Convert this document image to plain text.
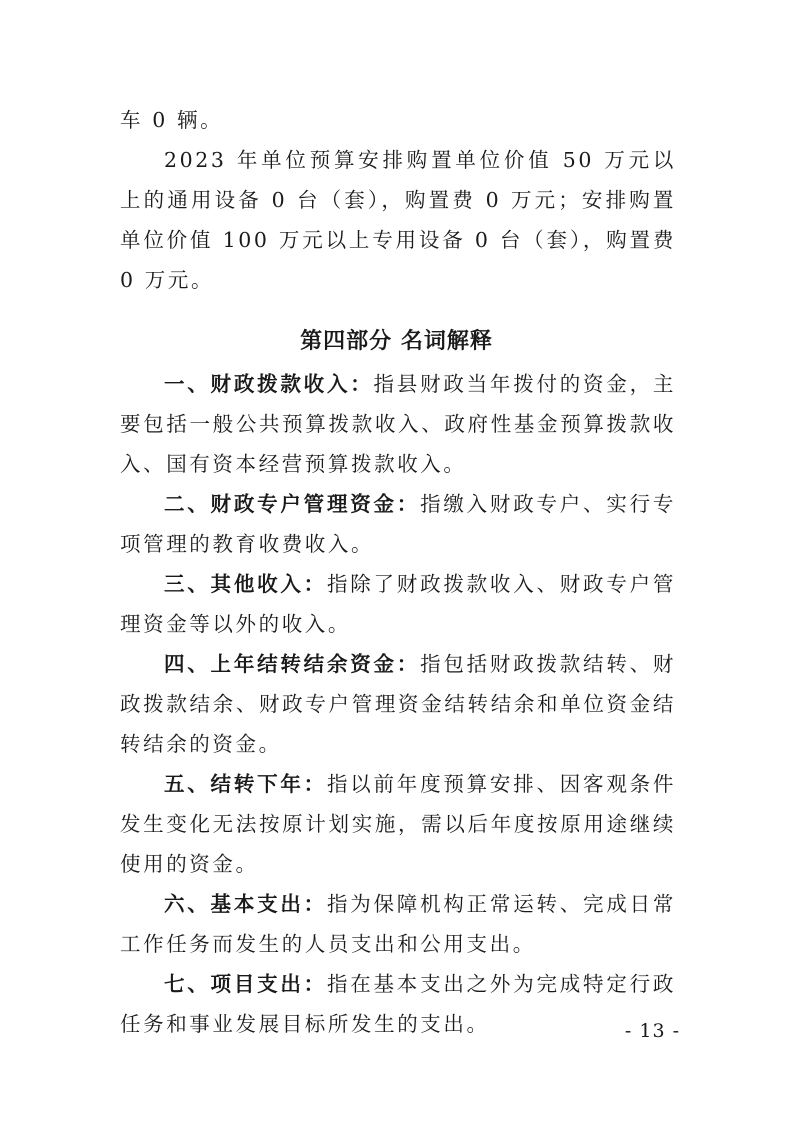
车 0 辆。

2023 年单位预算安排购置单位价值 50 万元以上的通用设备 0 台（套），购置费 0 万元；安排购置单位价值 100 万元以上专用设备 0 台（套），购置费 0 万元。

第四部分 名词解释

一、财政拨款收入：指县财政当年拨付的资金，主要包括一般公共预算拨款收入、政府性基金预算拨款收入、国有资本经营预算拨款收入。

二、财政专户管理资金：指缴入财政专户、实行专项管理的教育收费收入。

三、其他收入：指除了财政拨款收入、财政专户管理资金等以外的收入。

四、上年结转结余资金：指包括财政拨款结转、财政拨款结余、财政专户管理资金结转结余和单位资金结转结余的资金。

五、结转下年：指以前年度预算安排、因客观条件发生变化无法按原计划实施，需以后年度按原用途继续使用的资金。

六、基本支出：指为保障机构正常运转、完成日常工作任务而发生的人员支出和公用支出。

七、项目支出：指在基本支出之外为完成特定行政任务和事业发展目标所发生的支出。	- 13 -
